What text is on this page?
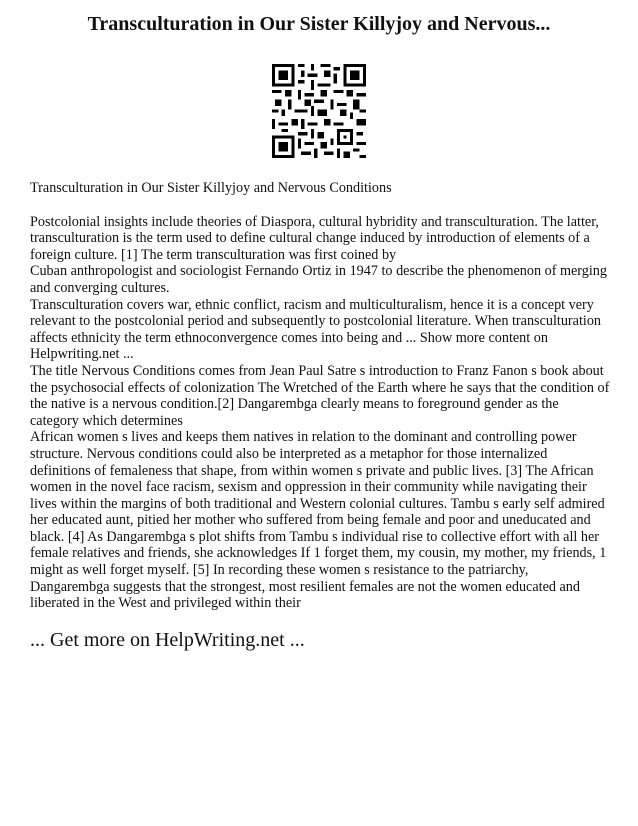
Transculturation in Our Sister Killyjoy and Nervous...

Transculturation in Our Sister Killyjoy and Nervous Conditions

Postcolonial insights include theories of Diaspora, cultural hybridity and transculturation. The latter, transculturation is the term used to define cultural change induced by introduction of elements of a foreign culture. [1] The term transculturation was first coined by

Cuban anthropologist and sociologist Fernando Ortiz in 1947 to describe the phenomenon of merging and converging cultures.

Transculturation covers war, ethnic conflict, racism and multiculturalism, hence it is a concept very relevant to the postcolonial period and subsequently to postcolonial literature. When transculturation affects ethnicity the term ethnoconvergence comes into being and ... Show more content on Helpwriting.net ...

The title Nervous Conditions comes from Jean Paul Satre s introduction to Franz Fanon s book about the psychosocial effects of colonization The Wretched of the Earth where he says that the condition of the native is a nervous condition.[2] Dangarembga clearly means to foreground gender as the category which determines

African women s lives and keeps them natives in relation to the dominant and controlling power structure. Nervous conditions could also be interpreted as a metaphor for those internalized definitions of femaleness that shape, from within women s private and public lives. [3] The African women in the novel face racism, sexism and oppression in their community while navigating their lives within the margins of both traditional and Western colonial cultures. Tambu s early self admired her educated aunt, pitied her mother who suffered from being female and poor and uneducated and black. [4] As Dangarembga s plot shifts from Tambu s individual rise to collective effort with all her female relatives and friends, she acknowledges If 1 forget them, my cousin, my mother, my friends, 1 might as well forget myself. [5] In recording these women s resistance to the patriarchy, Dangarembga suggests that the strongest, most resilient females are not the women educated and liberated in the West and privileged within their

... Get more on HelpWriting.net ...
